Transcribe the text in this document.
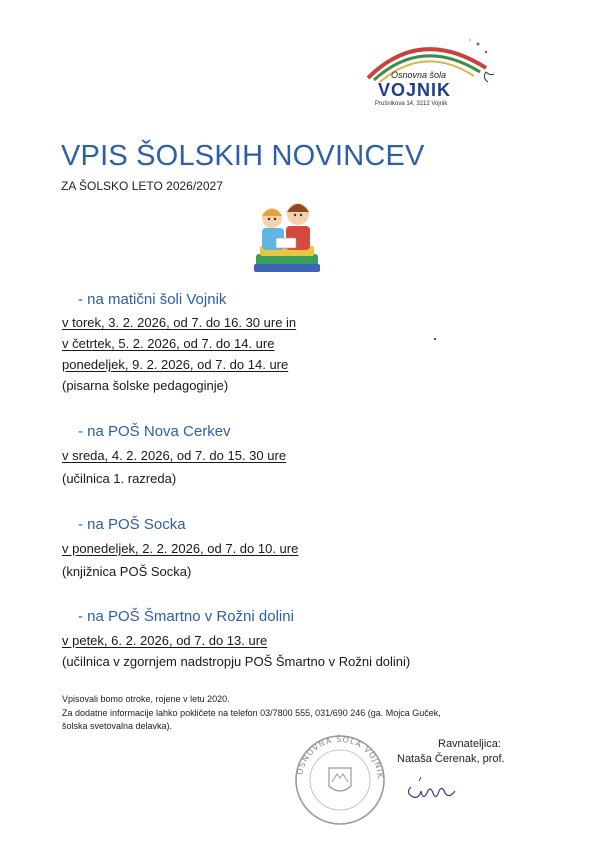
Osnovna šola
VOJNIK
Prušnikova 14, 3212 Vojnik
VPIS ŠOLSKIH NOVINCEV
ZA ŠOLSKO LETO 2026/2027
- na matični šoli Vojnik
v torek, 3. 2. 2026, od 7. do 16. 30 ure in
v četrtek, 5. 2. 2026, od 7. do 14. ure
ponedeljek, 9. 2. 2026, od 7. do 14. ure
(pisarna šolske pedagoginje)
- na POŠ Nova Cerkev
v sreda, 4. 2. 2026, od 7. do 15. 30 ure
(učilnica 1. razreda)
- na POŠ Socka
v ponedeljek, 2. 2. 2026, od 7. do 10. ure
(knjižnica POŠ Socka)
- na POŠ Šmartno v Rožni dolini
v petek, 6. 2. 2026, od 7. do 13. ure
(učilnica v zgornjem nadstropju POŠ Šmartno v Rožni dolini)
Vpisovali bomo otroke, rojene v letu 2020.
Za dodatne informacije lahko pokličete na telefon 03/7800 555, 031/690 246 (ga. Mojca Guček,
šolska svetovalna delavka).
OSNOVNA ŠOLA VOJNIK
Ravnateljica:
Nataša Čerenak, prof.
